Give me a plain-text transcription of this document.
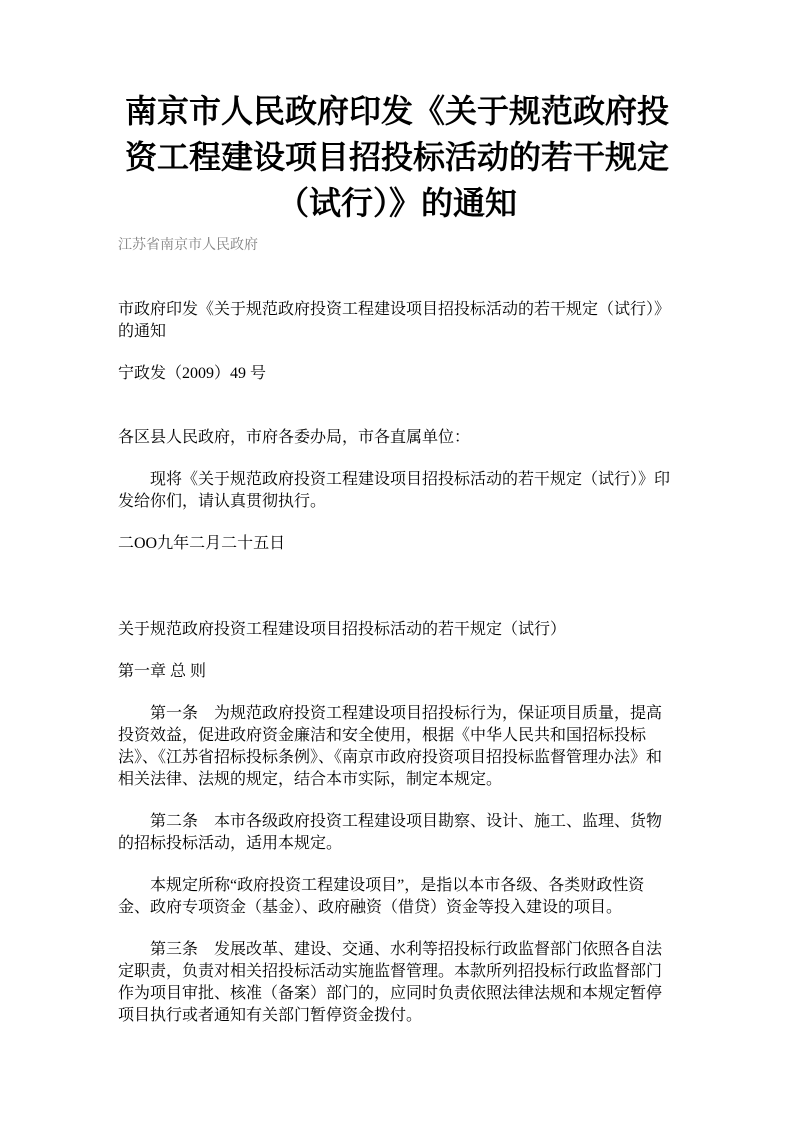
南京市人民政府印发《关于规范政府投
资工程建设项目招投标活动的若干规定
（试行）》的通知
江苏省南京市人民政府

市政府印发《关于规范政府投资工程建设项目招投标活动的若干规定（试行）》的通知

宁政发（2009）49 号

各区县人民政府，市府各委办局，市各直属单位：

现将《关于规范政府投资工程建设项目招投标活动的若干规定（试行）》印发给你们，请认真贯彻执行。

二OO九年二月二十五日

关于规范政府投资工程建设项目招投标活动的若干规定（试行）

第一章 总 则

第一条　为规范政府投资工程建设项目招投标行为，保证项目质量，提高投资效益，促进政府资金廉洁和安全使用，根据《中华人民共和国招标投标法》、《江苏省招标投标条例》、《南京市政府投资项目招投标监督管理办法》和相关法律、法规的规定，结合本市实际，制定本规定。

第二条　本市各级政府投资工程建设项目勘察、设计、施工、监理、货物的招标投标活动，适用本规定。

本规定所称“政府投资工程建设项目”，是指以本市各级、各类财政性资金、政府专项资金（基金）、政府融资（借贷）资金等投入建设的项目。

第三条　发展改革、建设、交通、水利等招投标行政监督部门依照各自法定职责，负责对相关招投标活动实施监督管理。本款所列招投标行政监督部门作为项目审批、核准（备案）部门的，应同时负责依照法律法规和本规定暂停项目执行或者通知有关部门暂停资金拨付。
